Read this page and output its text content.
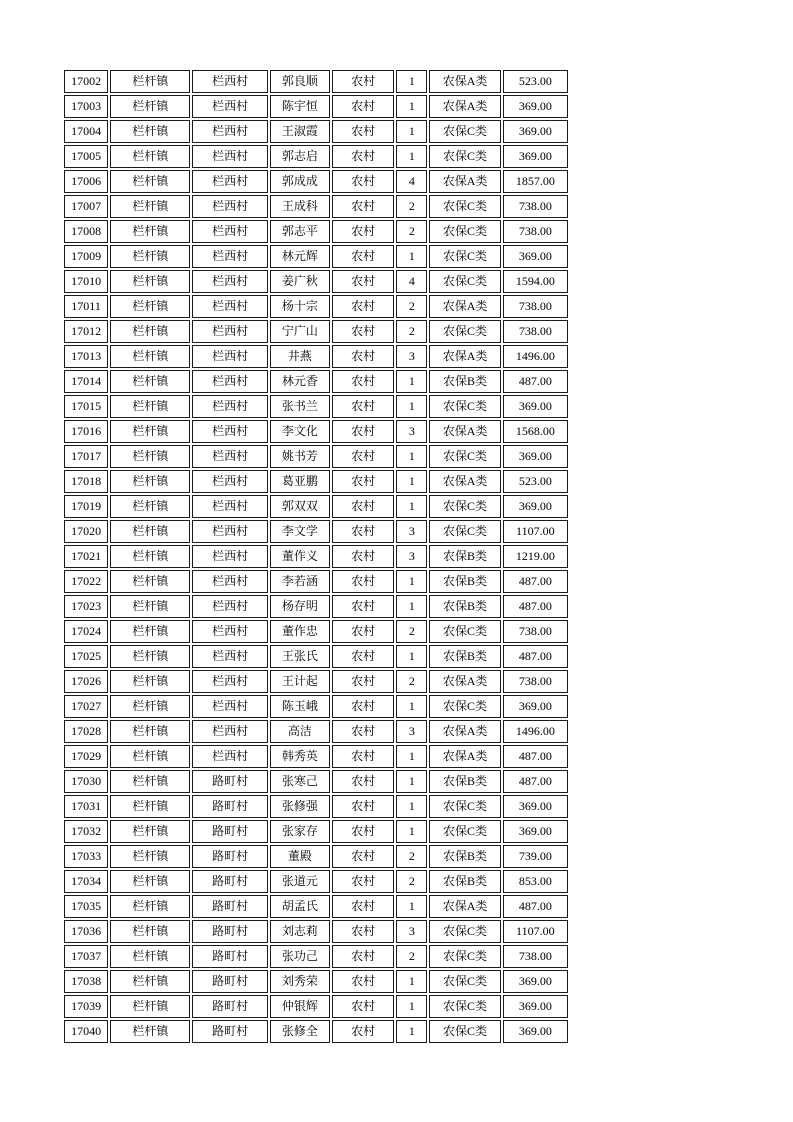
17002	栏杆镇	栏西村	郭良顺	农村	1	农保A类	523.00
17003	栏杆镇	栏西村	陈宇恒	农村	1	农保A类	369.00
17004	栏杆镇	栏西村	王淑霞	农村	1	农保C类	369.00
17005	栏杆镇	栏西村	郭志启	农村	1	农保C类	369.00
17006	栏杆镇	栏西村	郭成成	农村	4	农保A类	1857.00
17007	栏杆镇	栏西村	王成科	农村	2	农保C类	738.00
17008	栏杆镇	栏西村	郭志平	农村	2	农保C类	738.00
17009	栏杆镇	栏西村	林元辉	农村	1	农保C类	369.00
17010	栏杆镇	栏西村	姜广秋	农村	4	农保C类	1594.00
17011	栏杆镇	栏西村	杨十宗	农村	2	农保A类	738.00
17012	栏杆镇	栏西村	宁广山	农村	2	农保C类	738.00
17013	栏杆镇	栏西村	井燕	农村	3	农保A类	1496.00
17014	栏杆镇	栏西村	林元香	农村	1	农保B类	487.00
17015	栏杆镇	栏西村	张书兰	农村	1	农保C类	369.00
17016	栏杆镇	栏西村	李文化	农村	3	农保A类	1568.00
17017	栏杆镇	栏西村	姚书芳	农村	1	农保C类	369.00
17018	栏杆镇	栏西村	葛亚鹏	农村	1	农保A类	523.00
17019	栏杆镇	栏西村	郭双双	农村	1	农保C类	369.00
17020	栏杆镇	栏西村	李文学	农村	3	农保C类	1107.00
17021	栏杆镇	栏西村	董作义	农村	3	农保B类	1219.00
17022	栏杆镇	栏西村	李若涵	农村	1	农保B类	487.00
17023	栏杆镇	栏西村	杨存明	农村	1	农保B类	487.00
17024	栏杆镇	栏西村	董作忠	农村	2	农保C类	738.00
17025	栏杆镇	栏西村	王张氏	农村	1	农保B类	487.00
17026	栏杆镇	栏西村	王计起	农村	2	农保A类	738.00
17027	栏杆镇	栏西村	陈玉峨	农村	1	农保C类	369.00
17028	栏杆镇	栏西村	高洁	农村	3	农保A类	1496.00
17029	栏杆镇	栏西村	韩秀英	农村	1	农保A类	487.00
17030	栏杆镇	路町村	张寒己	农村	1	农保B类	487.00
17031	栏杆镇	路町村	张修强	农村	1	农保C类	369.00
17032	栏杆镇	路町村	张家存	农村	1	农保C类	369.00
17033	栏杆镇	路町村	董殿	农村	2	农保B类	739.00
17034	栏杆镇	路町村	张道元	农村	2	农保B类	853.00
17035	栏杆镇	路町村	胡孟氏	农村	1	农保A类	487.00
17036	栏杆镇	路町村	刘志莉	农村	3	农保C类	1107.00
17037	栏杆镇	路町村	张功己	农村	2	农保C类	738.00
17038	栏杆镇	路町村	刘秀荣	农村	1	农保C类	369.00
17039	栏杆镇	路町村	仲银辉	农村	1	农保C类	369.00
17040	栏杆镇	路町村	张修全	农村	1	农保C类	369.00
